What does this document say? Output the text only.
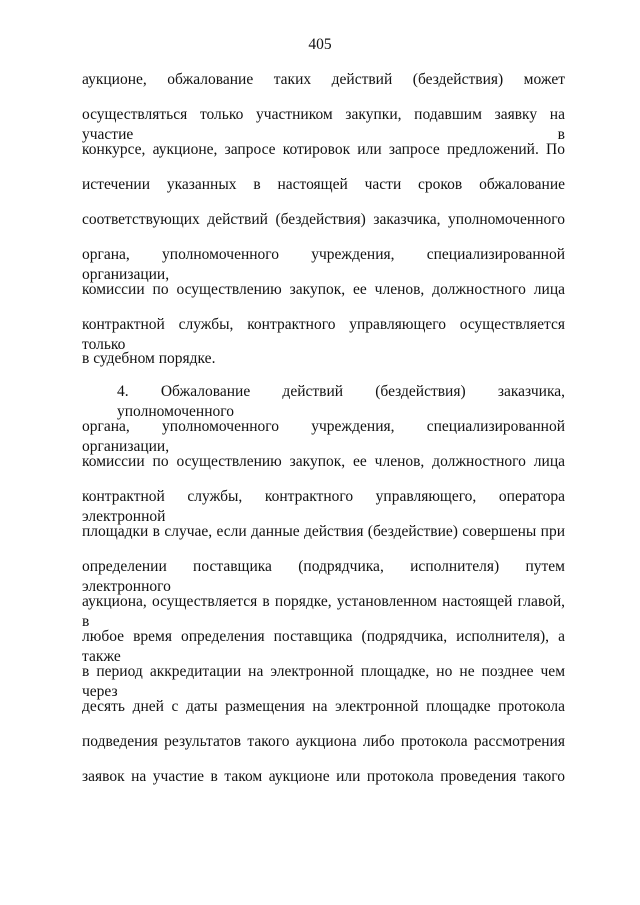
405
аукционе, обжалование таких действий (бездействия) может
осуществляться только участником закупки, подавшим заявку на участие в
конкурсе, аукционе, запросе котировок или запросе предложений. По
истечении указанных в настоящей части сроков обжалование
соответствующих действий (бездействия) заказчика, уполномоченного
органа, уполномоченного учреждения, специализированной организации,
комиссии по осуществлению закупок, ее членов, должностного лица
контрактной службы, контрактного управляющего осуществляется только
в судебном порядке.
4. Обжалование действий (бездействия) заказчика, уполномоченного
органа, уполномоченного учреждения, специализированной организации,
комиссии по осуществлению закупок, ее членов, должностного лица
контрактной службы, контрактного управляющего, оператора электронной
площадки в случае, если данные действия (бездействие) совершены при
определении поставщика (подрядчика, исполнителя) путем электронного
аукциона, осуществляется в порядке, установленном настоящей главой, в
любое время определения поставщика (подрядчика, исполнителя), а также
в период аккредитации на электронной площадке, но не позднее чем через
десять дней с даты размещения на электронной площадке протокола
подведения результатов такого аукциона либо протокола рассмотрения
заявок на участие в таком аукционе или протокола проведения такого
